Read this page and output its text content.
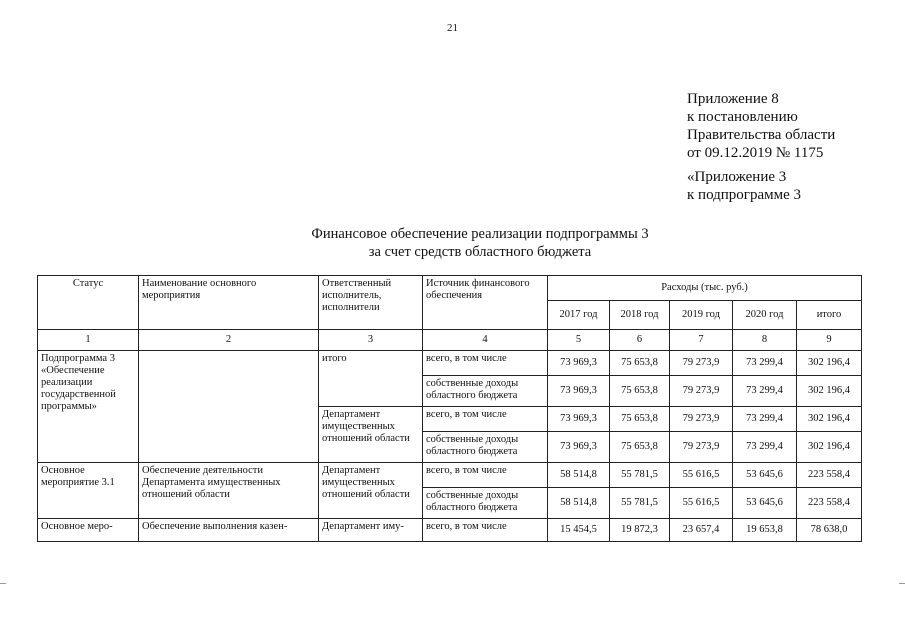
21
Приложение 8
к постановлению
Правительства области
от 09.12.2019 № 1175
«Приложение 3
к подпрограмме 3
Финансовое обеспечение реализации подпрограммы 3
за счет средств областного бюджета
Статус	Наименование основного мероприятия	Ответственный исполнитель, исполнители	Источник финансового обеспечения	Расходы (тыс. руб.)				
				2017 год	2018 год	2019 год	2020 год	итого
1	2	3	4	5	6	7	8	9
Подпрограмма 3 «Обеспечение реализации государственной программы»		итого	всего, в том числе	73 969,3	75 653,8	79 273,9	73 299,4	302 196,4
			собственные доходы областного бюджета	73 969,3	75 653,8	79 273,9	73 299,4	302 196,4
		Департамент имущественных отношений области	всего, в том числе	73 969,3	75 653,8	79 273,9	73 299,4	302 196,4
			собственные доходы областного бюджета	73 969,3	75 653,8	79 273,9	73 299,4	302 196,4
Основное мероприятие 3.1	Обеспечение деятельности Департамента имущественных отношений области	Департамент имущественных отношений области	всего, в том числе	58 514,8	55 781,5	55 616,5	53 645,6	223 558,4
			собственные доходы областного бюджета	58 514,8	55 781,5	55 616,5	53 645,6	223 558,4
Основное меро-	Обеспечение выполнения казен-	Департамент иму-	всего, в том числе	15 454,5	19 872,3	23 657,4	19 653,8	78 638,0
